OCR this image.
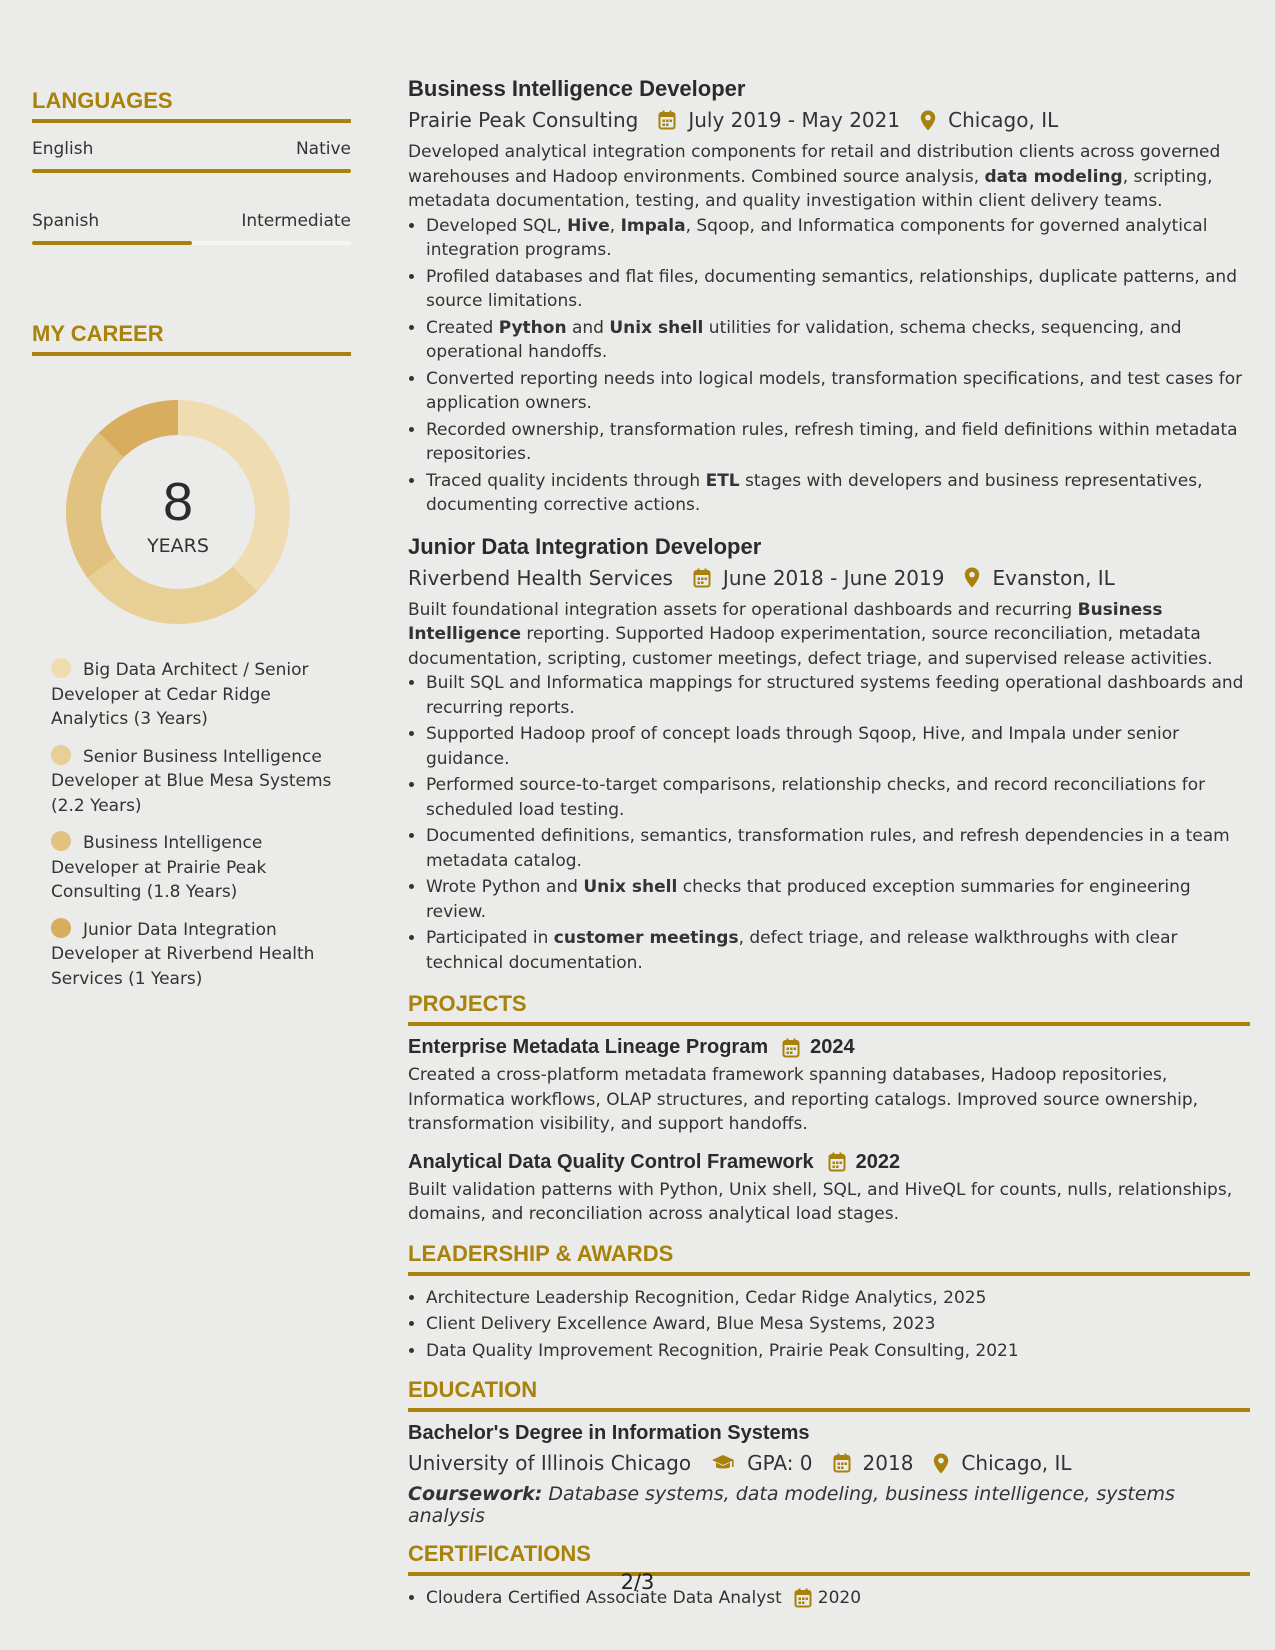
LANGUAGES
English	Native
Spanish	Intermediate
MY CAREER
8
YEARS
Big Data Architect / Senior Developer at Cedar Ridge Analytics (3 Years)
Senior Business Intelligence Developer at Blue Mesa Systems (2.2 Years)
Business Intelligence Developer at Prairie Peak Consulting (1.8 Years)
Junior Data Integration Developer at Riverbend Health Services (1 Years)
Business Intelligence Developer
Prairie Peak Consulting	July 2019 - May 2021 Chicago, IL

Developed analytical integration components for retail and distribution clients across governed warehouses and Hadoop environments. Combined source analysis, data modeling, scripting, metadata documentation, testing, and quality investigation within client delivery teams.

• Developed SQL, Hive, Impala, Sqoop, and Informatica components for governed analytical integration programs.
• Profiled databases and flat files, documenting semantics, relationships, duplicate patterns, and source limitations.
• Created Python and Unix shell utilities for validation, schema checks, sequencing, and operational handoffs.
• Converted reporting needs into logical models, transformation specifications, and test cases for application owners.
• Recorded ownership, transformation rules, refresh timing, and field definitions within metadata repositories.
• Traced quality incidents through ETL stages with developers and business representatives, documenting corrective actions.
Junior Data Integration Developer
Riverbend Health Services	June 2018 - June 2019 Evanston, IL

Built foundational integration assets for operational dashboards and recurring Business Intelligence reporting. Supported Hadoop experimentation, source reconciliation, metadata documentation, scripting, customer meetings, defect triage, and supervised release activities.

• Built SQL and Informatica mappings for structured systems feeding operational dashboards and recurring reports.
• Supported Hadoop proof of concept loads through Sqoop, Hive, and Impala under senior guidance.
• Performed source-to-target comparisons, relationship checks, and record reconciliations for scheduled load testing.
• Documented definitions, semantics, transformation rules, and refresh dependencies in a team metadata catalog.
• Wrote Python and Unix shell checks that produced exception summaries for engineering review.
• Participated in customer meetings, defect triage, and release walkthroughs with clear technical documentation.
PROJECTS
Enterprise Metadata Lineage Program 2024

Created a cross-platform metadata framework spanning databases, Hadoop repositories, Informatica workflows, OLAP structures, and reporting catalogs. Improved source ownership, transformation visibility, and support handoffs.

Analytical Data Quality Control Framework 2022

Built validation patterns with Python, Unix shell, SQL, and HiveQL for counts, nulls, relationships, domains, and reconciliation across analytical load stages.

LEADERSHIP & AWARDS
• Architecture Leadership Recognition, Cedar Ridge Analytics, 2025
• Client Delivery Excellence Award, Blue Mesa Systems, 2023
• Data Quality Improvement Recognition, Prairie Peak Consulting, 2021
EDUCATION
Bachelor's Degree in Information Systems
University of Illinois Chicago	GPA: 0	2018 Chicago, IL
Coursework: Database systems, data modeling, business intelligence, systems analysis
CERTIFICATIONS
• Cloudera Certified Associate Data Analyst 2020
2/3
